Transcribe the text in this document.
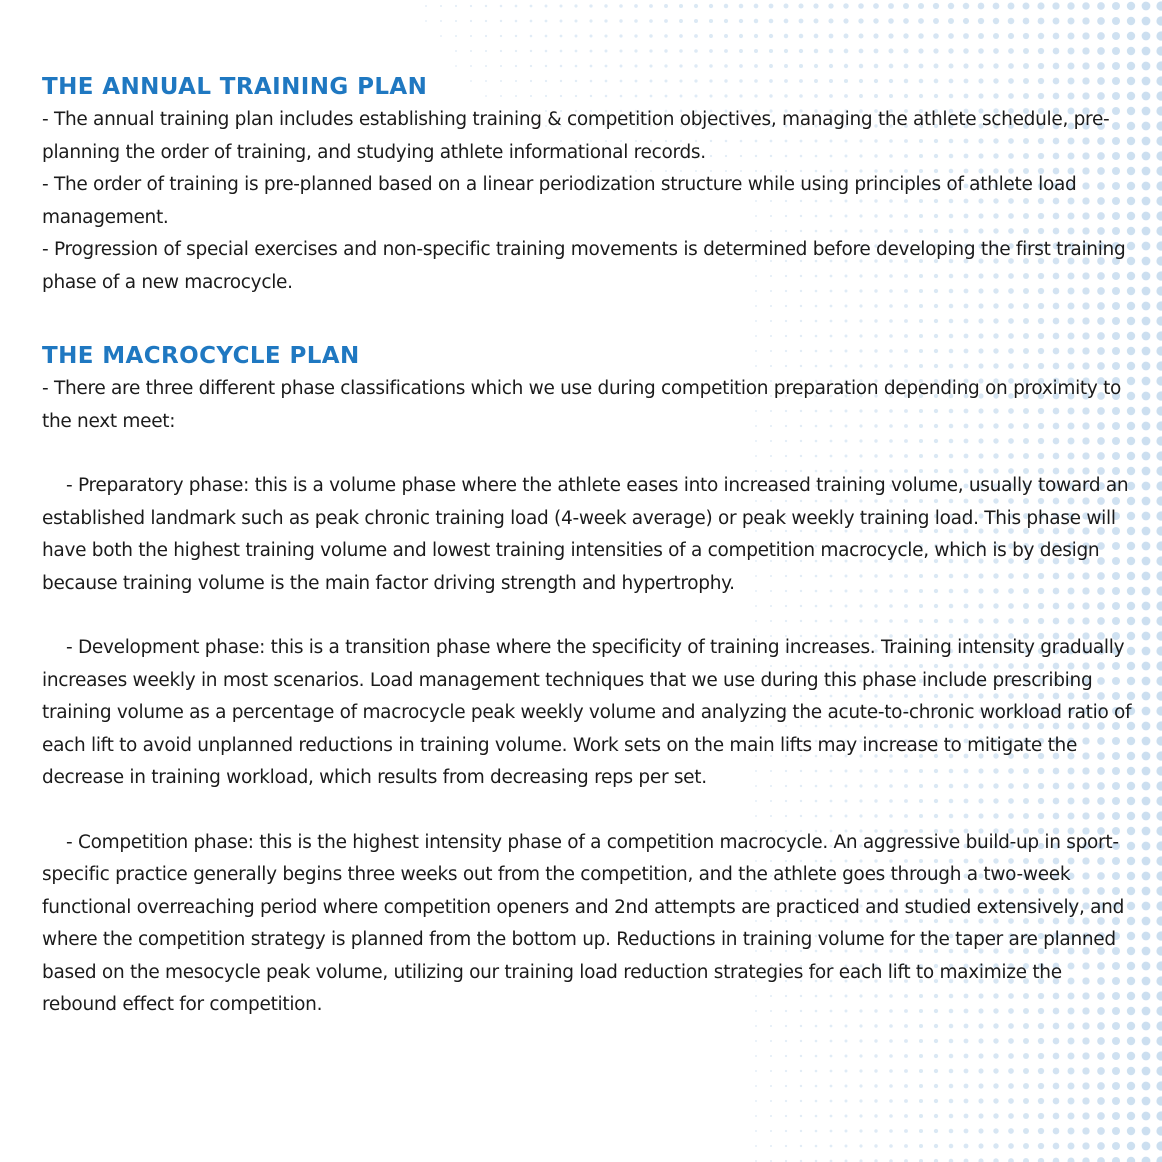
THE ANNUAL TRAINING PLAN

- The annual training plan includes establishing training & competition objectives, managing the athlete schedule, pre-planning the order of training, and studying athlete informational records.

- The order of training is pre-planned based on a linear periodization structure while using principles of athlete load management.

- Progression of special exercises and non-specific training movements is determined before developing the first training phase of a new macrocycle.

THE MACROCYCLE PLAN

- There are three different phase classifications which we use during competition preparation depending on proximity to the next meet:

- Preparatory phase: this is a volume phase where the athlete eases into increased training volume, usually toward an established landmark such as peak chronic training load (4-week average) or peak weekly training load. This phase will have both the highest training volume and lowest training intensities of a competition macrocycle, which is by design because training volume is the main factor driving strength and hypertrophy.

- Development phase: this is a transition phase where the specificity of training increases. Training intensity gradually increases weekly in most scenarios. Load management techniques that we use during this phase include prescribing training volume as a percentage of macrocycle peak weekly volume and analyzing the acute-to-chronic workload ratio of each lift to avoid unplanned reductions in training volume. Work sets on the main lifts may increase to mitigate the decrease in training workload, which results from decreasing reps per set.

- Competition phase: this is the highest intensity phase of a competition macrocycle. An aggressive build-up in sport-specific practice generally begins three weeks out from the competition, and the athlete goes through a two-week functional overreaching period where competition openers and 2nd attempts are practiced and studied extensively, and where the competition strategy is planned from the bottom up. Reductions in training volume for the taper are planned based on the mesocycle peak volume, utilizing our training load reduction strategies for each lift to maximize the rebound effect for competition.
